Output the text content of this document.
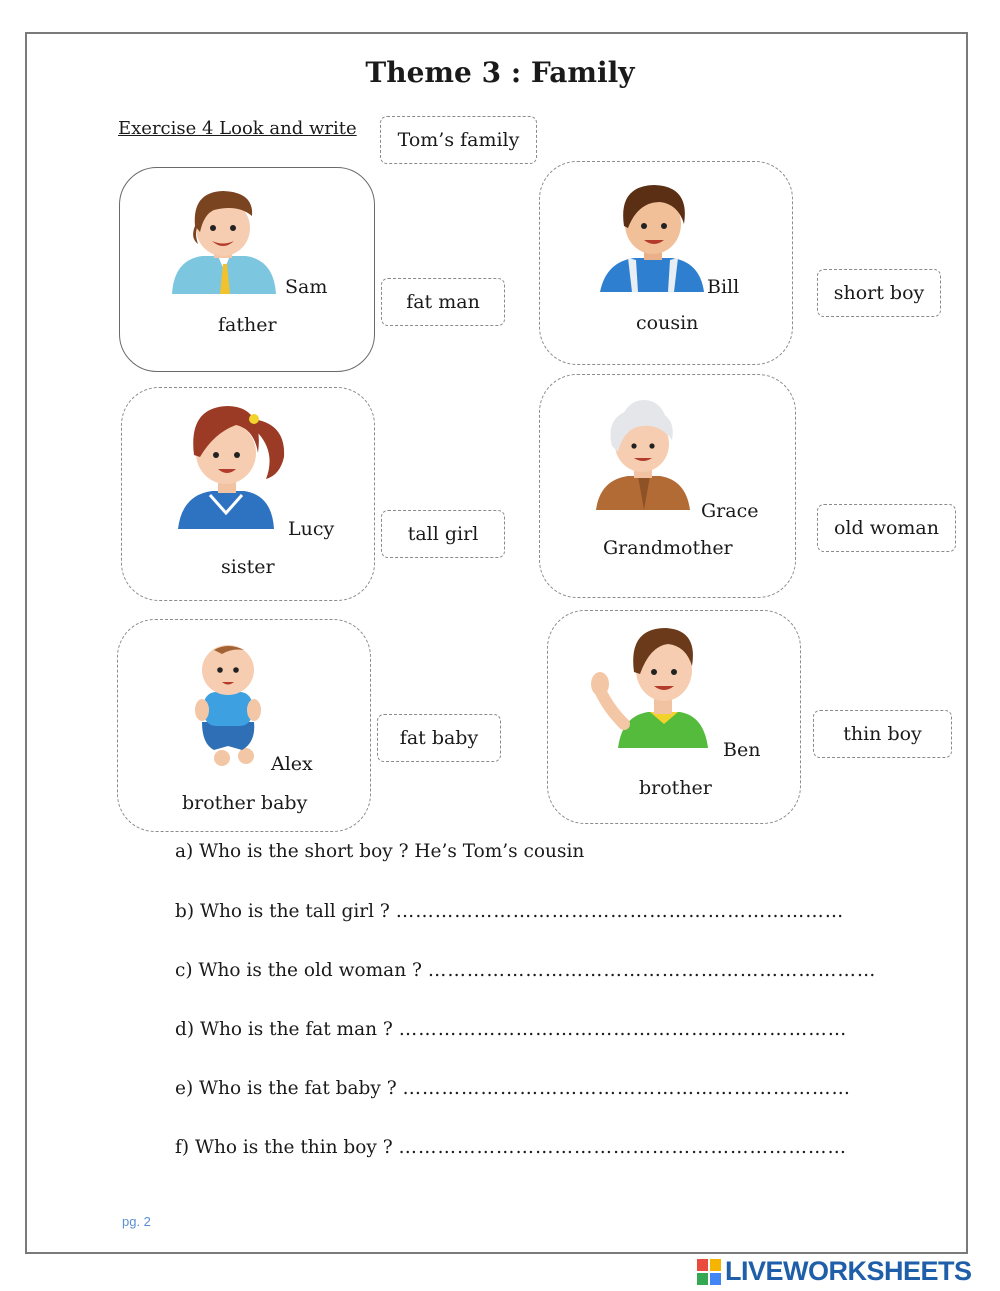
Theme 3 : Family
Exercise 4 Look and write
Tom’s family
Sam
father
fat man
Bill
cousin
short boy
Lucy
sister
tall girl
Grace
Grandmother
old woman
Alex
brother baby
fat baby
Ben
brother
thin boy
a) Who is the short boy ? He’s Tom’s cousin
b) Who is the tall girl ? ……………………………………………………………
c) Who is the old woman ? ……………………………………………………………
d) Who is the fat man ? ……………………………………………………………
e) Who is the fat baby ? ……………………………………………………………
f) Who is the thin boy ? ……………………………………………………………
pg. 2
LIVEWORKSHEETS
